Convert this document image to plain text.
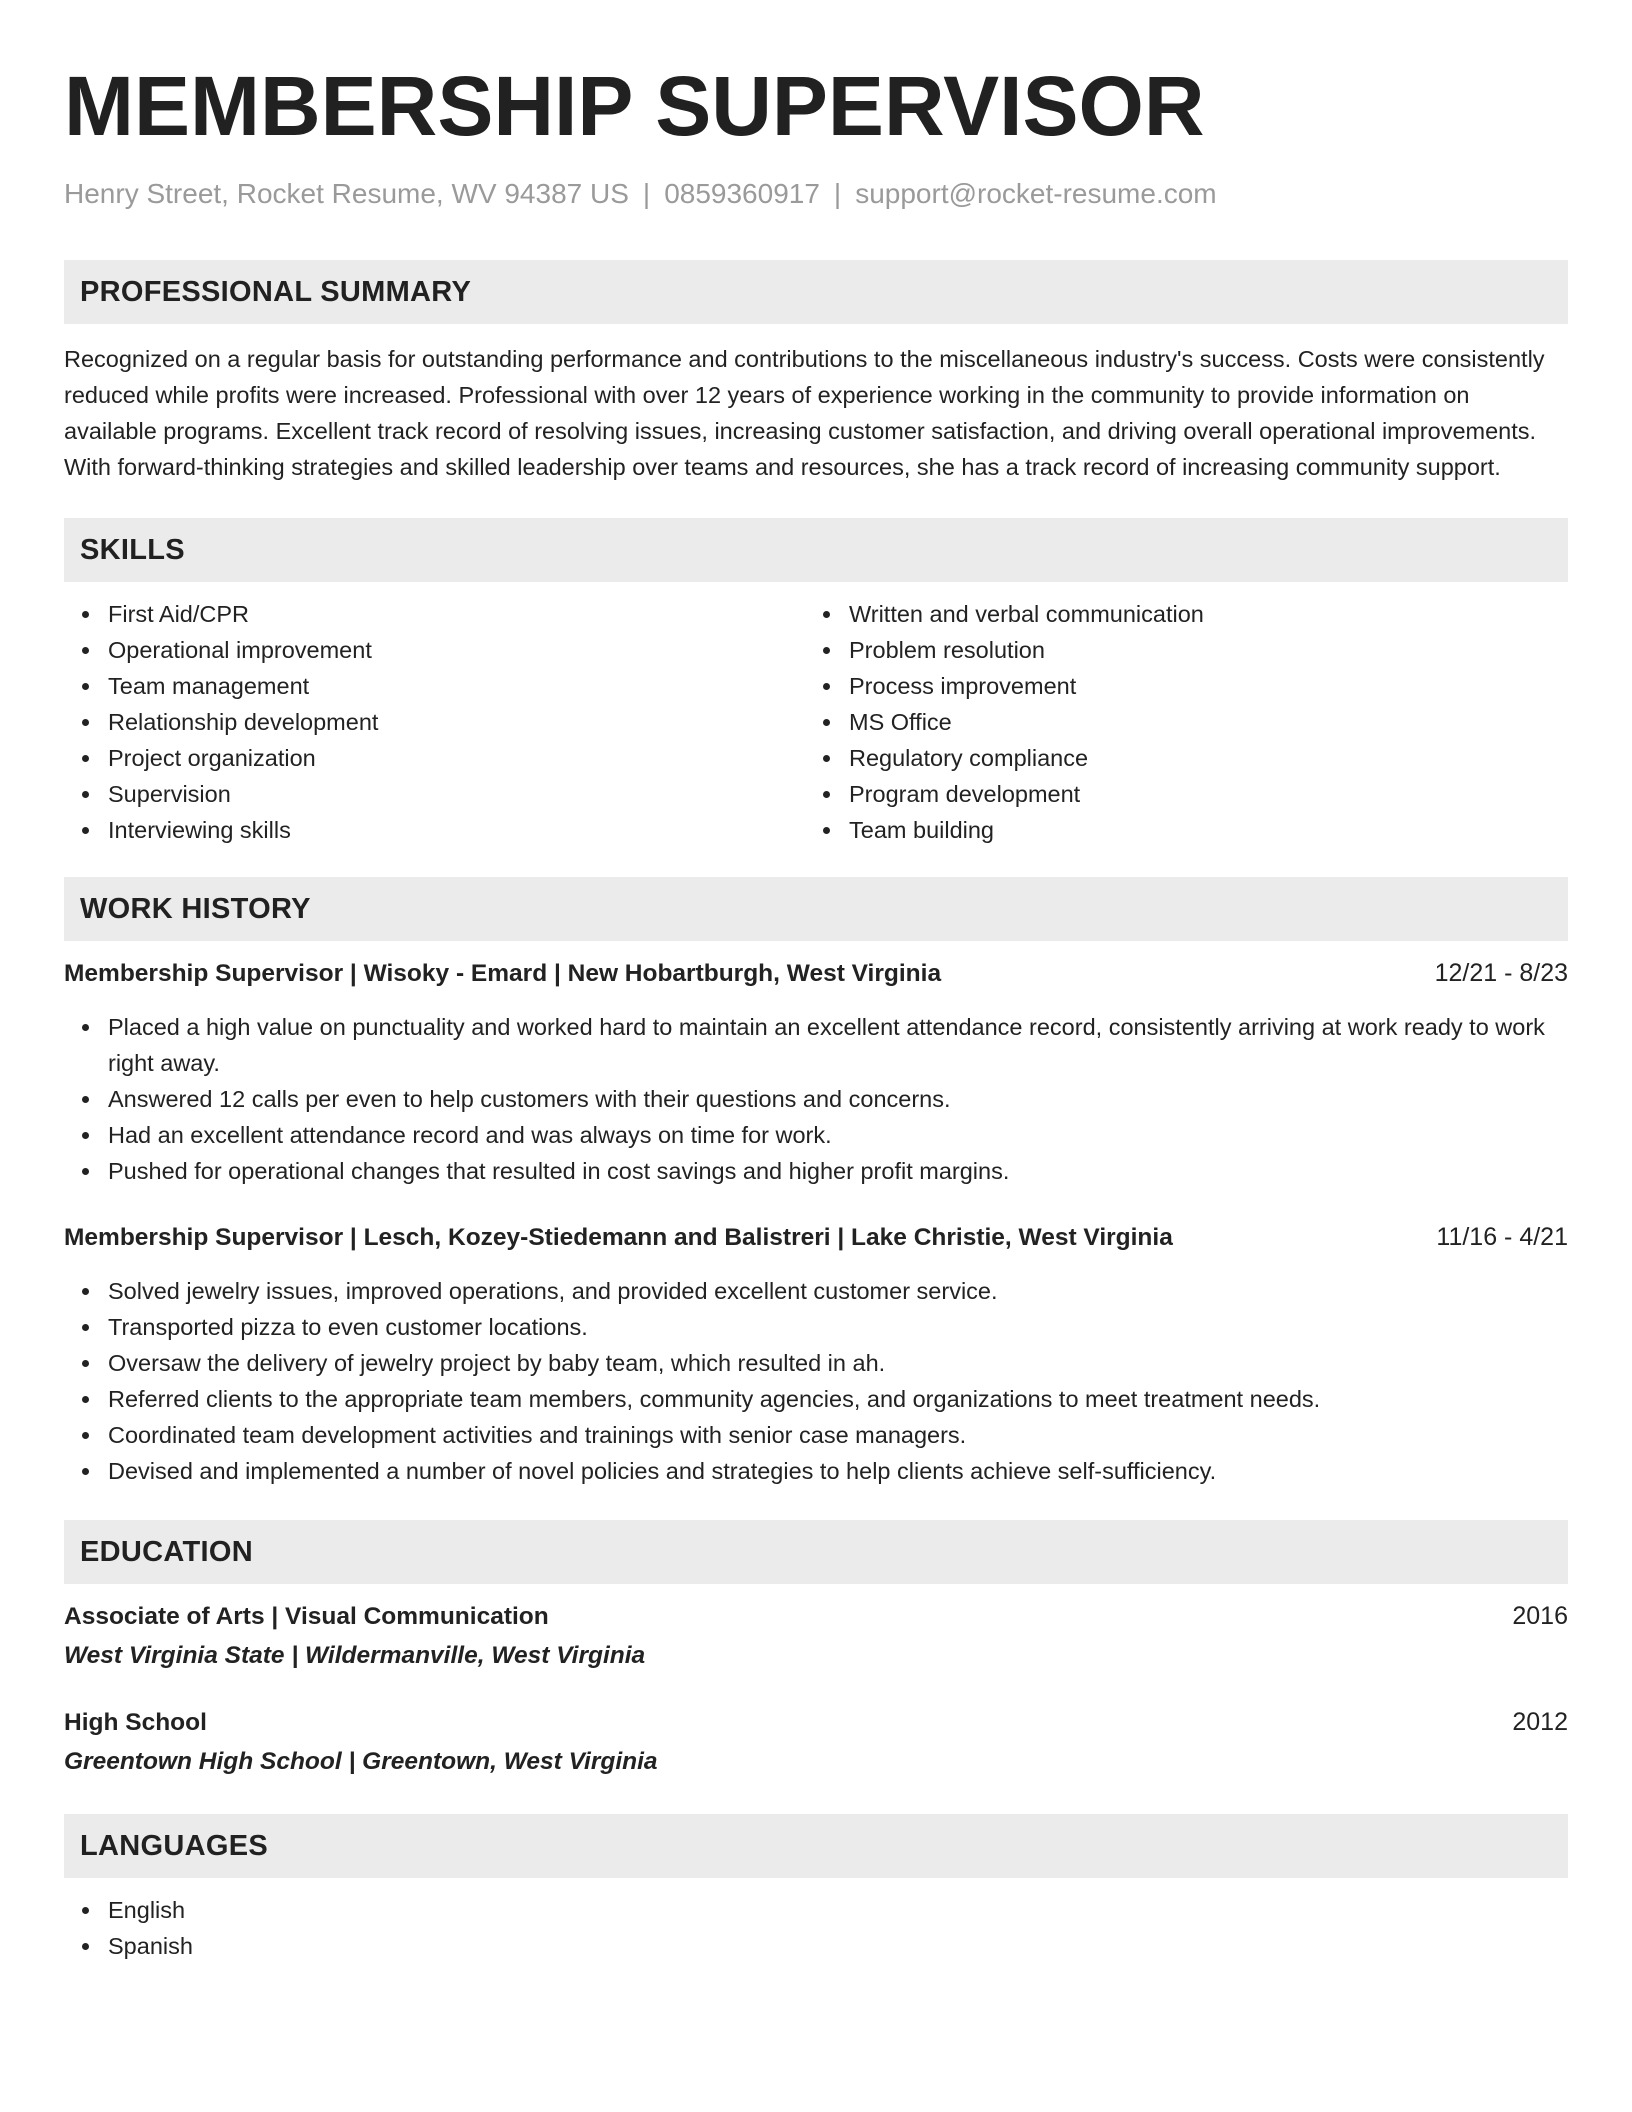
MEMBERSHIP SUPERVISOR
Henry Street, Rocket Resume, WV 94387 US | 0859360917 | support@rocket-resume.com
PROFESSIONAL SUMMARY

Recognized on a regular basis for outstanding performance and contributions to the miscellaneous industry's success. Costs were consistently reduced while profits were increased. Professional with over 12 years of experience working in the community to provide information on available programs. Excellent track record of resolving issues, increasing customer satisfaction, and driving overall operational improvements. With forward-thinking strategies and skilled leadership over teams and resources, she has a track record of increasing community support.

SKILLS
First Aid/CPR
Operational improvement
Team management
Relationship development
Project organization
Supervision
Interviewing skills
Written and verbal communication
Problem resolution
Process improvement
MS Office
Regulatory compliance
Program development
Team building
WORK HISTORY
Membership Supervisor | Wisoky - Emard | New Hobartburgh, West Virginia	12/21 - 8/23
Placed a high value on punctuality and worked hard to maintain an excellent attendance record, consistently arriving at work ready to work right away.
Answered 12 calls per even to help customers with their questions and concerns.
Had an excellent attendance record and was always on time for work.
Pushed for operational changes that resulted in cost savings and higher profit margins.
Membership Supervisor | Lesch, Kozey-Stiedemann and Balistreri | Lake Christie, West Virginia	11/16 - 4/21
Solved jewelry issues, improved operations, and provided excellent customer service.
Transported pizza to even customer locations.
Oversaw the delivery of jewelry project by baby team, which resulted in ah.
Referred clients to the appropriate team members, community agencies, and organizations to meet treatment needs.
Coordinated team development activities and trainings with senior case managers.
Devised and implemented a number of novel policies and strategies to help clients achieve self-sufficiency.
EDUCATION
Associate of Arts | Visual Communication	2016
West Virginia State | Wildermanville, West Virginia
High School	2012
Greentown High School | Greentown, West Virginia
LANGUAGES
English
Spanish
